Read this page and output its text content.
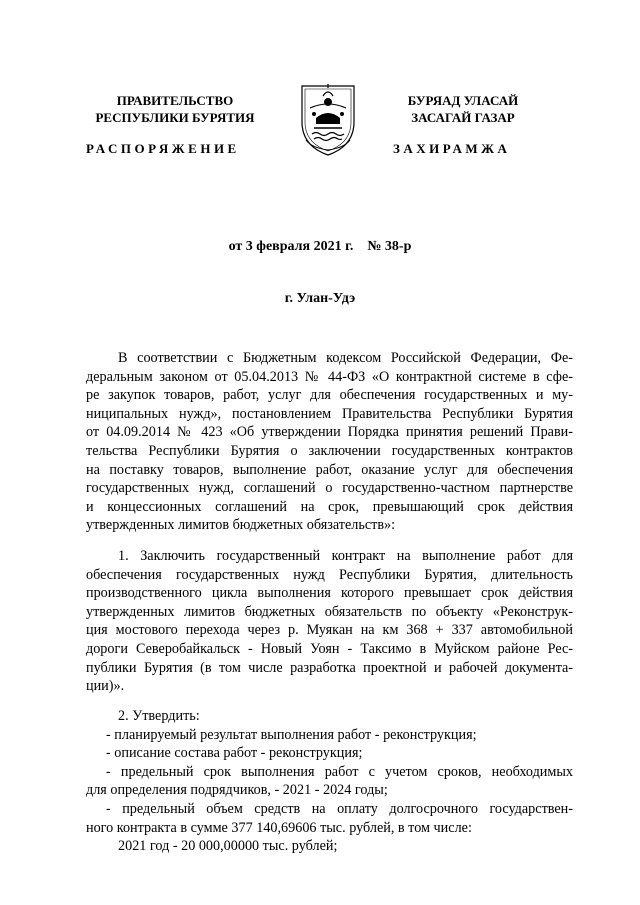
ПРАВИТЕЛЬСТВО
РЕСПУБЛИКИ БУРЯТИЯ
БУРЯАД УЛАСАЙ
ЗАСАГАЙ ГАЗАР
РАСПОРЯЖЕНИЕ	ЗАХИРАМЖА
от 3 февраля 2021 г.    № 38-р
г. Улан-Удэ
В соответствии с Бюджетным кодексом Российской Федерации, Фе-
деральным законом от 05.04.2013 № 44-ФЗ «О контрактной системе в сфе-
ре закупок товаров, работ, услуг для обеспечения государственных и му-
ниципальных нужд», постановлением Правительства Республики Бурятия
от 04.09.2014 № 423 «Об утверждении Порядка принятия решений Прави-
тельства Республики Бурятия о заключении государственных контрактов
на поставку товаров, выполнение работ, оказание услуг для обеспечения
государственных нужд, соглашений о государственно-частном партнерстве
и концессионных соглашений на срок, превышающий срок действия
утвержденных лимитов бюджетных обязательств»:
1. Заключить государственный контракт на выполнение работ для
обеспечения государственных нужд Республики Бурятия, длительность
производственного цикла выполнения которого превышает срок действия
утвержденных лимитов бюджетных обязательств по объекту «Реконструк-
ция мостового перехода через р. Муякан на км 368 + 337 автомобильной
дороги Северобайкальск - Новый Уоян - Таксимо в Муйском районе Рес-
публики Бурятия (в том числе разработка проектной и рабочей документа-
ции)».
2. Утвердить:
- планируемый результат выполнения работ - реконструкция;
- описание состава работ - реконструкция;
- предельный срок выполнения работ с учетом сроков, необходимых
для определения подрядчиков, - 2021 - 2024 годы;
- предельный объем средств на оплату долгосрочного государствен-
ного контракта в сумме 377 140,69606 тыс. рублей, в том числе:
2021 год - 20 000,00000 тыс. рублей;
